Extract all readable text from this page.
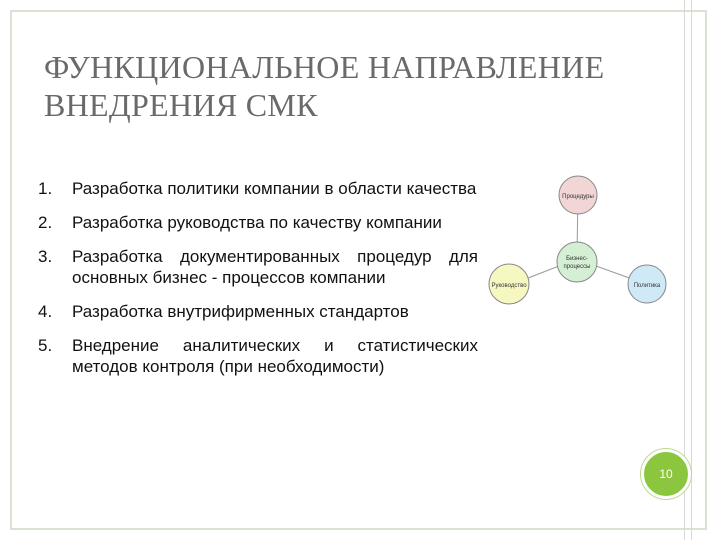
ФУНКЦИОНАЛЬНОЕ НАПРАВЛЕНИЕ
ВНЕДРЕНИЯ СМК
1. Разработка политики компании в области качества
2. Разработка руководства по качеству компании
3. Разработка документированных процедур для основных бизнес - процессов компании
4. Разработка внутрифирменных стандартов
5. Внедрение аналитических и статистических методов контроля (при необходимости)
Процедуры
Руководство	Политика
Бизнес-
процессы
10
